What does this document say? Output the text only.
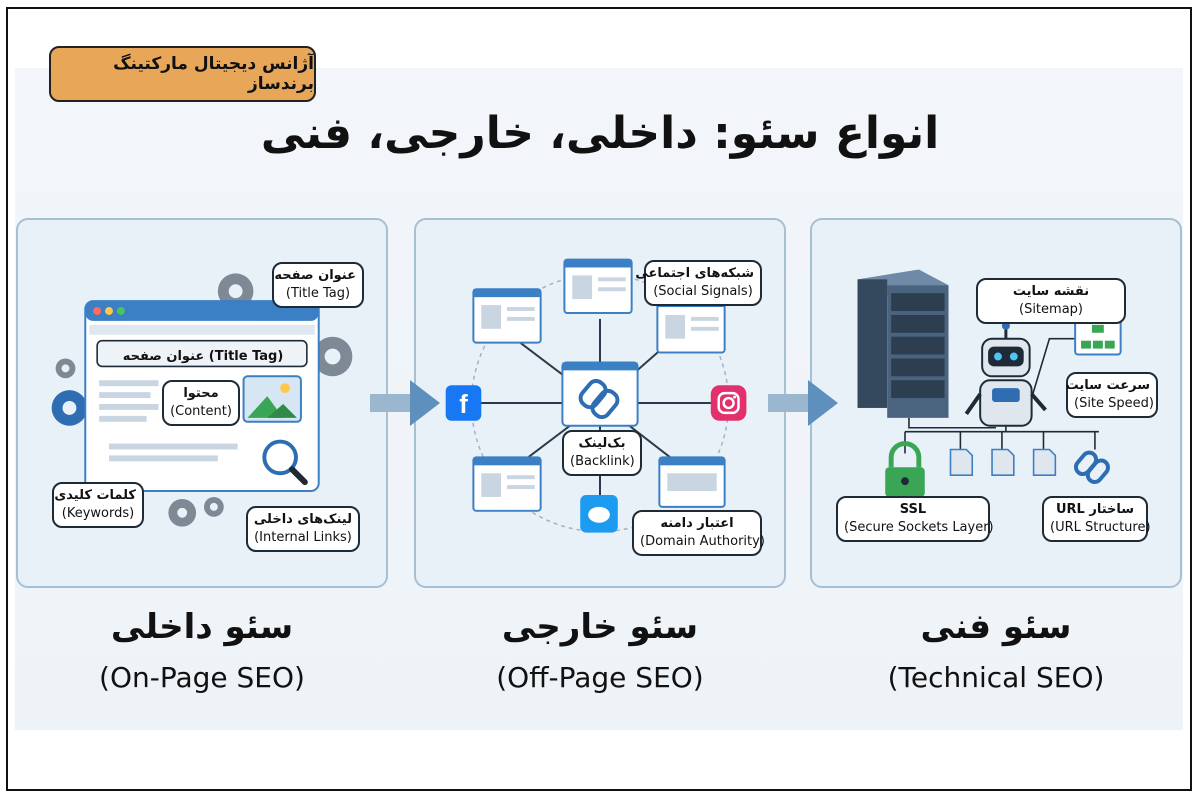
آژانس دیجیتال مارکتینگ برندساز
انواع سئو: داخلی، خارجی، فنی
عنوان صفحه (Title Tag)
محتوا
(Content)
عنوان صفحه
(Title Tag)
کلمات کلیدی
(Keywords)	لینک‌های داخلی
(Internal Links)
f
شبکه‌های اجتماعی
(Social Signals)
بک‌لینک
(Backlink)
اعتبار دامنه
(Domain Authority)
نقشه سایت
(Sitemap)
سرعت سایت
(Site Speed)
SSL
(Secure Sockets Layer)
ساختار URL
(URL Structure)
سئو داخلی
(On-Page SEO)
سئو خارجی
(Off-Page SEO)
سئو فنی
(Technical SEO)
